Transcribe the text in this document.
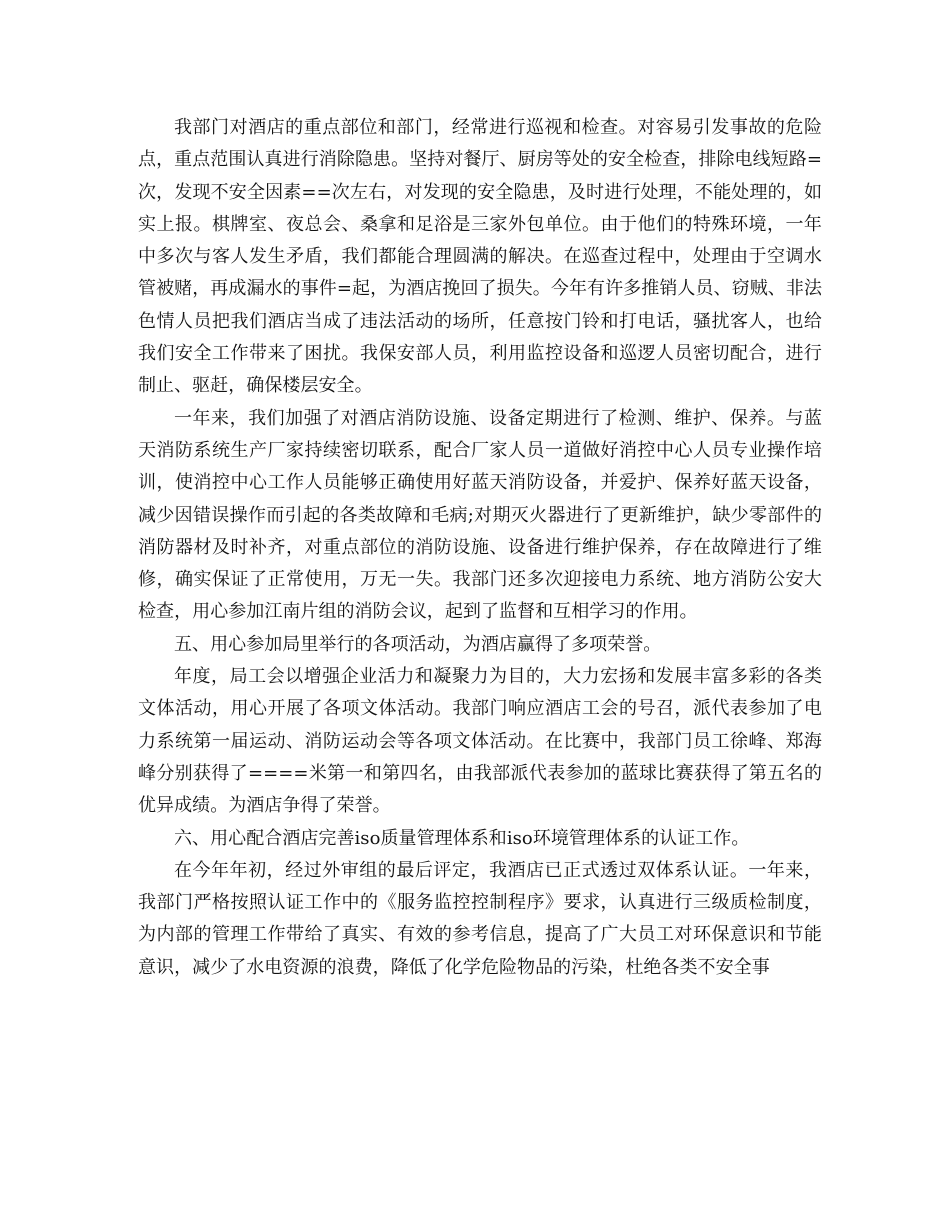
我部门对酒店的重点部位和部门，经常进行巡视和检查。对容易引发事故的危险点，重点范围认真进行消除隐患。坚持对餐厅、厨房等处的安全检查，排除电线短路=次，发现不安全因素==次左右，对发现的安全隐患，及时进行处理，不能处理的，如实上报。棋牌室、夜总会、桑拿和足浴是三家外包单位。由于他们的特殊环境，一年中多次与客人发生矛盾，我们都能合理圆满的解决。在巡查过程中，处理由于空调水管被赌，再成漏水的事件=起，为酒店挽回了损失。今年有许多推销人员、窃贼、非法色情人员把我们酒店当成了违法活动的场所，任意按门铃和打电话，骚扰客人，也给我们安全工作带来了困扰。我保安部人员，利用监控设备和巡逻人员密切配合，进行制止、驱赶，确保楼层安全。

一年来，我们加强了对酒店消防设施、设备定期进行了检测、维护、保养。与蓝天消防系统生产厂家持续密切联系，配合厂家人员一道做好消控中心人员专业操作培训，使消控中心工作人员能够正确使用好蓝天消防设备，并爱护、保养好蓝天设备，减少因错误操作而引起的各类故障和毛病;对期灭火器进行了更新维护，缺少零部件的消防器材及时补齐，对重点部位的消防设施、设备进行维护保养，存在故障进行了维修，确实保证了正常使用，万无一失。我部门还多次迎接电力系统、地方消防公安大检查，用心参加江南片组的消防会议，起到了监督和互相学习的作用。

五、用心参加局里举行的各项活动，为酒店赢得了多项荣誉。

年度，局工会以增强企业活力和凝聚力为目的，大力宏扬和发展丰富多彩的各类文体活动，用心开展了各项文体活动。我部门响应酒店工会的号召，派代表参加了电力系统第一届运动、消防运动会等各项文体活动。在比赛中，我部门员工徐峰、郑海峰分别获得了====米第一和第四名，由我部派代表参加的蓝球比赛获得了第五名的优异成绩。为酒店争得了荣誉。

六、用心配合酒店完善iso质量管理体系和iso环境管理体系的认证工作。

在今年年初，经过外审组的最后评定，我酒店已正式透过双体系认证。一年来，我部门严格按照认证工作中的《服务监控控制程序》要求，认真进行三级质检制度，为内部的管理工作带给了真实、有效的参考信息，提高了广大员工对环保意识和节能意识，减少了水电资源的浪费，降低了化学危险物品的污染，杜绝各类不安全事
